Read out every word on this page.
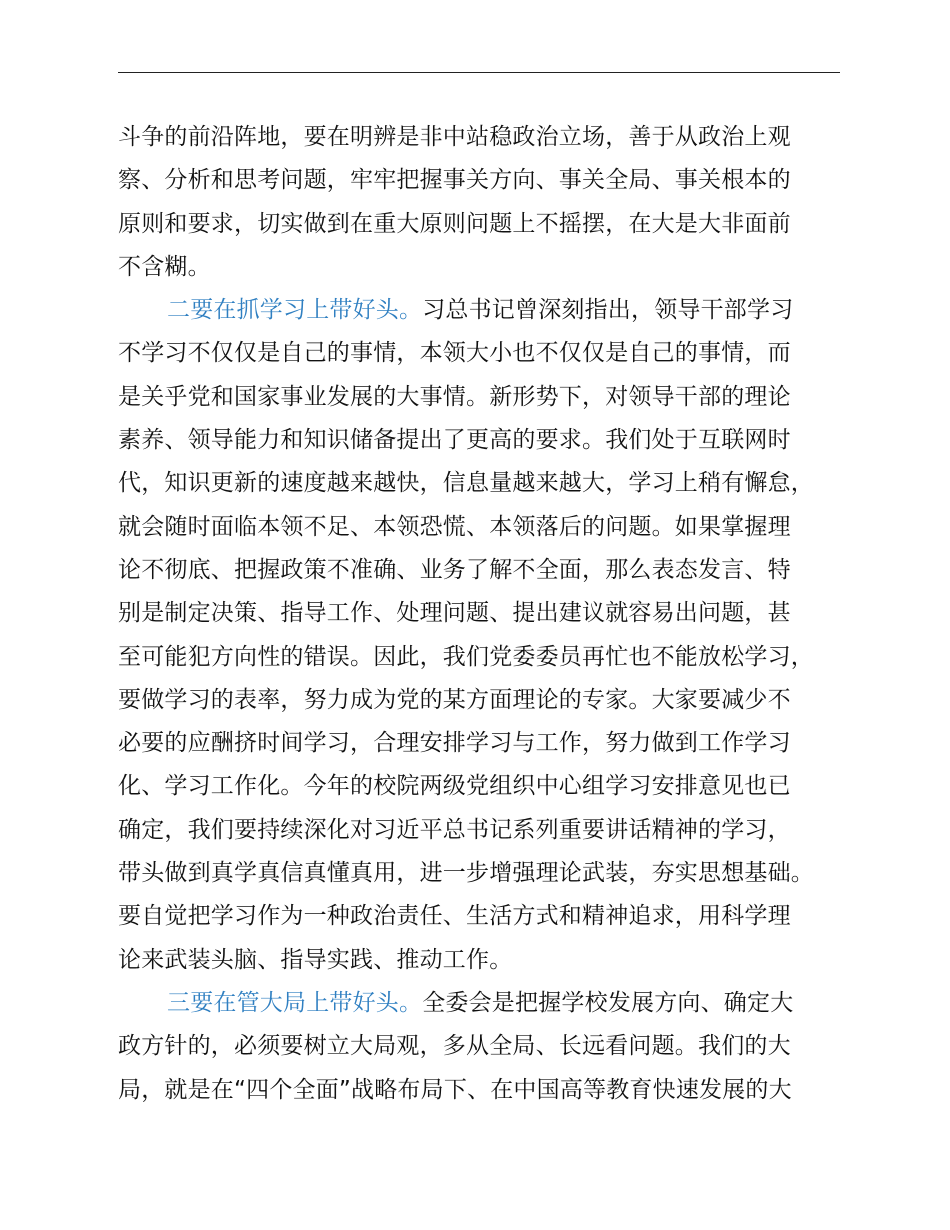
斗争的前沿阵地，要在明辨是非中站稳政治立场，善于从政治上观
察、分析和思考问题，牢牢把握事关方向、事关全局、事关根本的
原则和要求，切实做到在重大原则问题上不摇摆，在大是大非面前
不含糊。
二要在抓学习上带好头。习总书记曾深刻指出，领导干部学习
不学习不仅仅是自己的事情，本领大小也不仅仅是自己的事情，而
是关乎党和国家事业发展的大事情。新形势下，对领导干部的理论
素养、领导能力和知识储备提出了更高的要求。我们处于互联网时
代，知识更新的速度越来越快，信息量越来越大，学习上稍有懈怠，
就会随时面临本领不足、本领恐慌、本领落后的问题。如果掌握理
论不彻底、把握政策不准确、业务了解不全面，那么表态发言、特
别是制定决策、指导工作、处理问题、提出建议就容易出问题，甚
至可能犯方向性的错误。因此，我们党委委员再忙也不能放松学习，
要做学习的表率，努力成为党的某方面理论的专家。大家要减少不
必要的应酬挤时间学习，合理安排学习与工作，努力做到工作学习
化、学习工作化。今年的校院两级党组织中心组学习安排意见也已
确定，我们要持续深化对习近平总书记系列重要讲话精神的学习，
带头做到真学真信真懂真用，进一步增强理论武装，夯实思想基础。
要自觉把学习作为一种政治责任、生活方式和精神追求，用科学理
论来武装头脑、指导实践、推动工作。
三要在管大局上带好头。全委会是把握学校发展方向、确定大
政方针的，必须要树立大局观，多从全局、长远看问题。我们的大
局，就是在“四个全面”战略布局下、在中国高等教育快速发展的大
